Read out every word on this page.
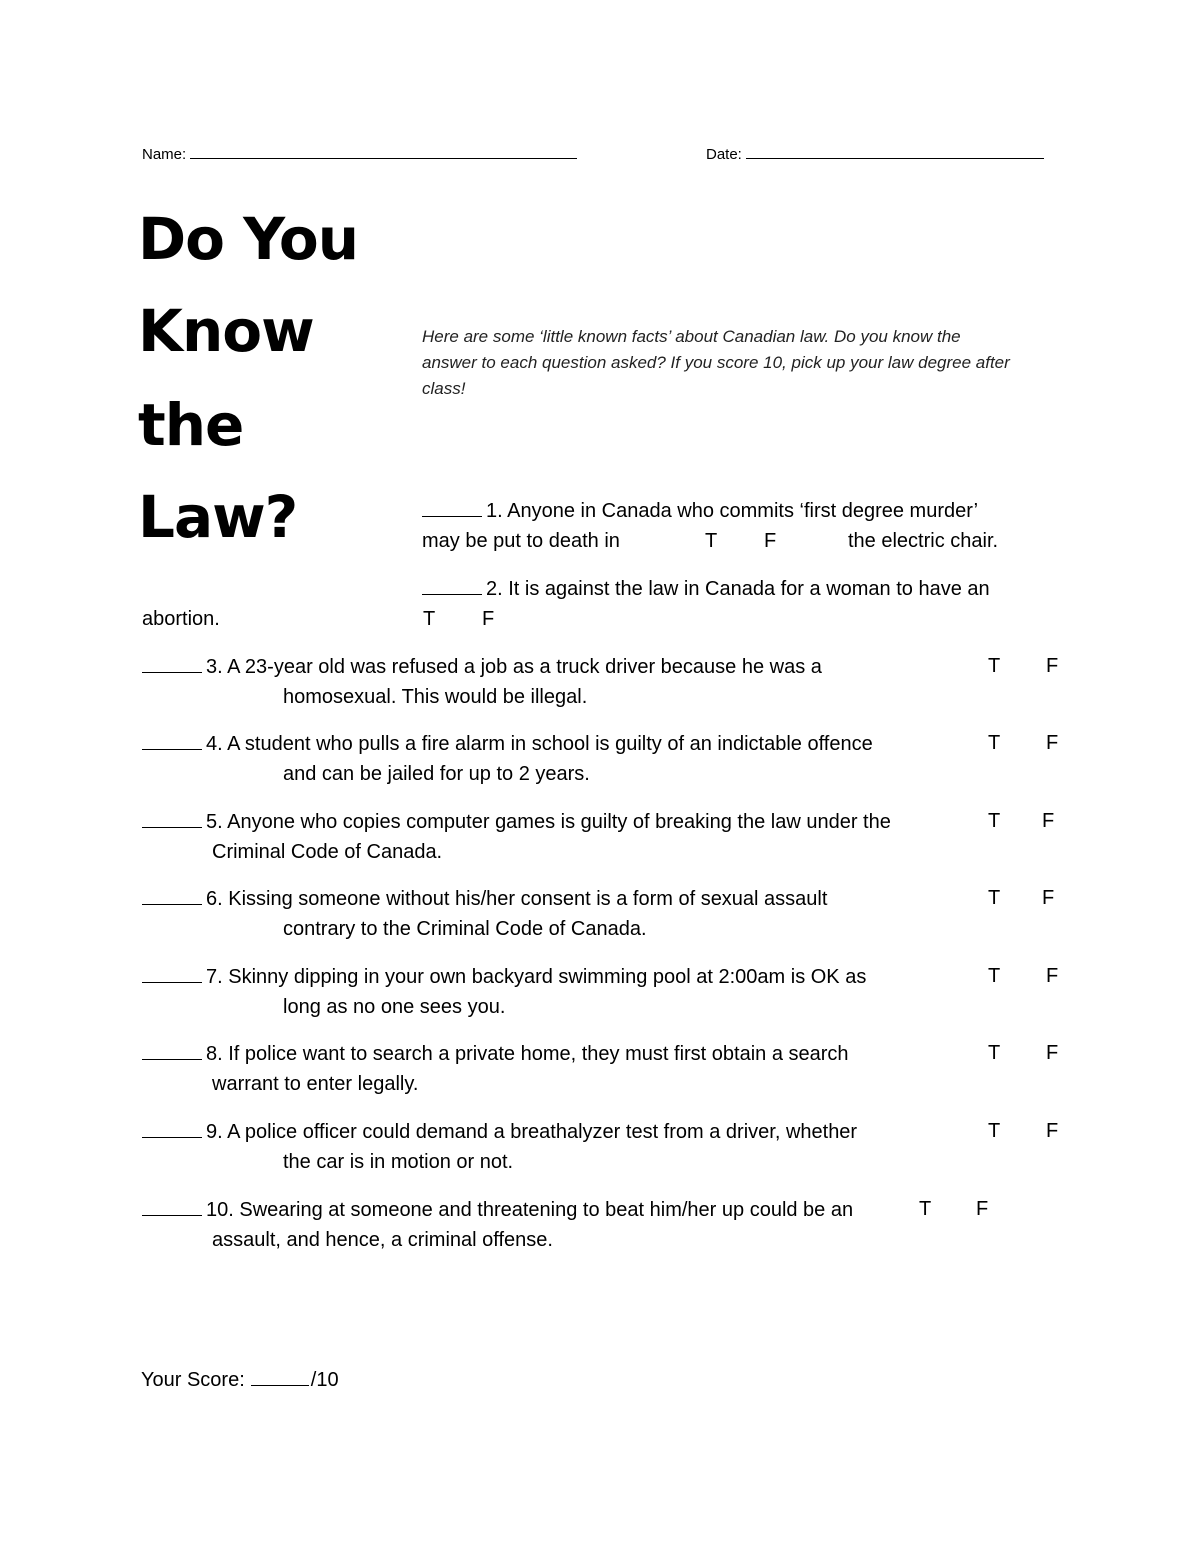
Name:	Date:
Do You
Know
the
Law?
Here are some ‘little known facts’ about Canadian law. Do you know the
answer to each question asked? If you score 10, pick up your law degree after
class!
1. Anyone in Canada who commits ‘first degree murder’
may be put to death in	T F	the electric chair.
2. It is against the law in Canada for a woman to have an
abortion.	T F
3. A 23-year old was refused a job as a truck driver because he was a
homosexual. This would be illegal.
T F
4. A student who pulls a fire alarm in school is guilty of an indictable offence
and can be jailed for up to 2 years.
T F
5. Anyone who copies computer games is guilty of breaking the law under the
Criminal Code of Canada.
T F
6. Kissing someone without his/her consent is a form of sexual assault
contrary to the Criminal Code of Canada.
T F
7. Skinny dipping in your own backyard swimming pool at 2:00am is OK as
long as no one sees you.
T F
8. If police want to search a private home, they must first obtain a search
warrant to enter legally.
T F
9. A police officer could demand a breathalyzer test from a driver, whether
the car is in motion or not.
T F
10. Swearing at someone and threatening to beat him/her up could be an
assault, and hence, a criminal offense.
T F
Your Score:	/10
